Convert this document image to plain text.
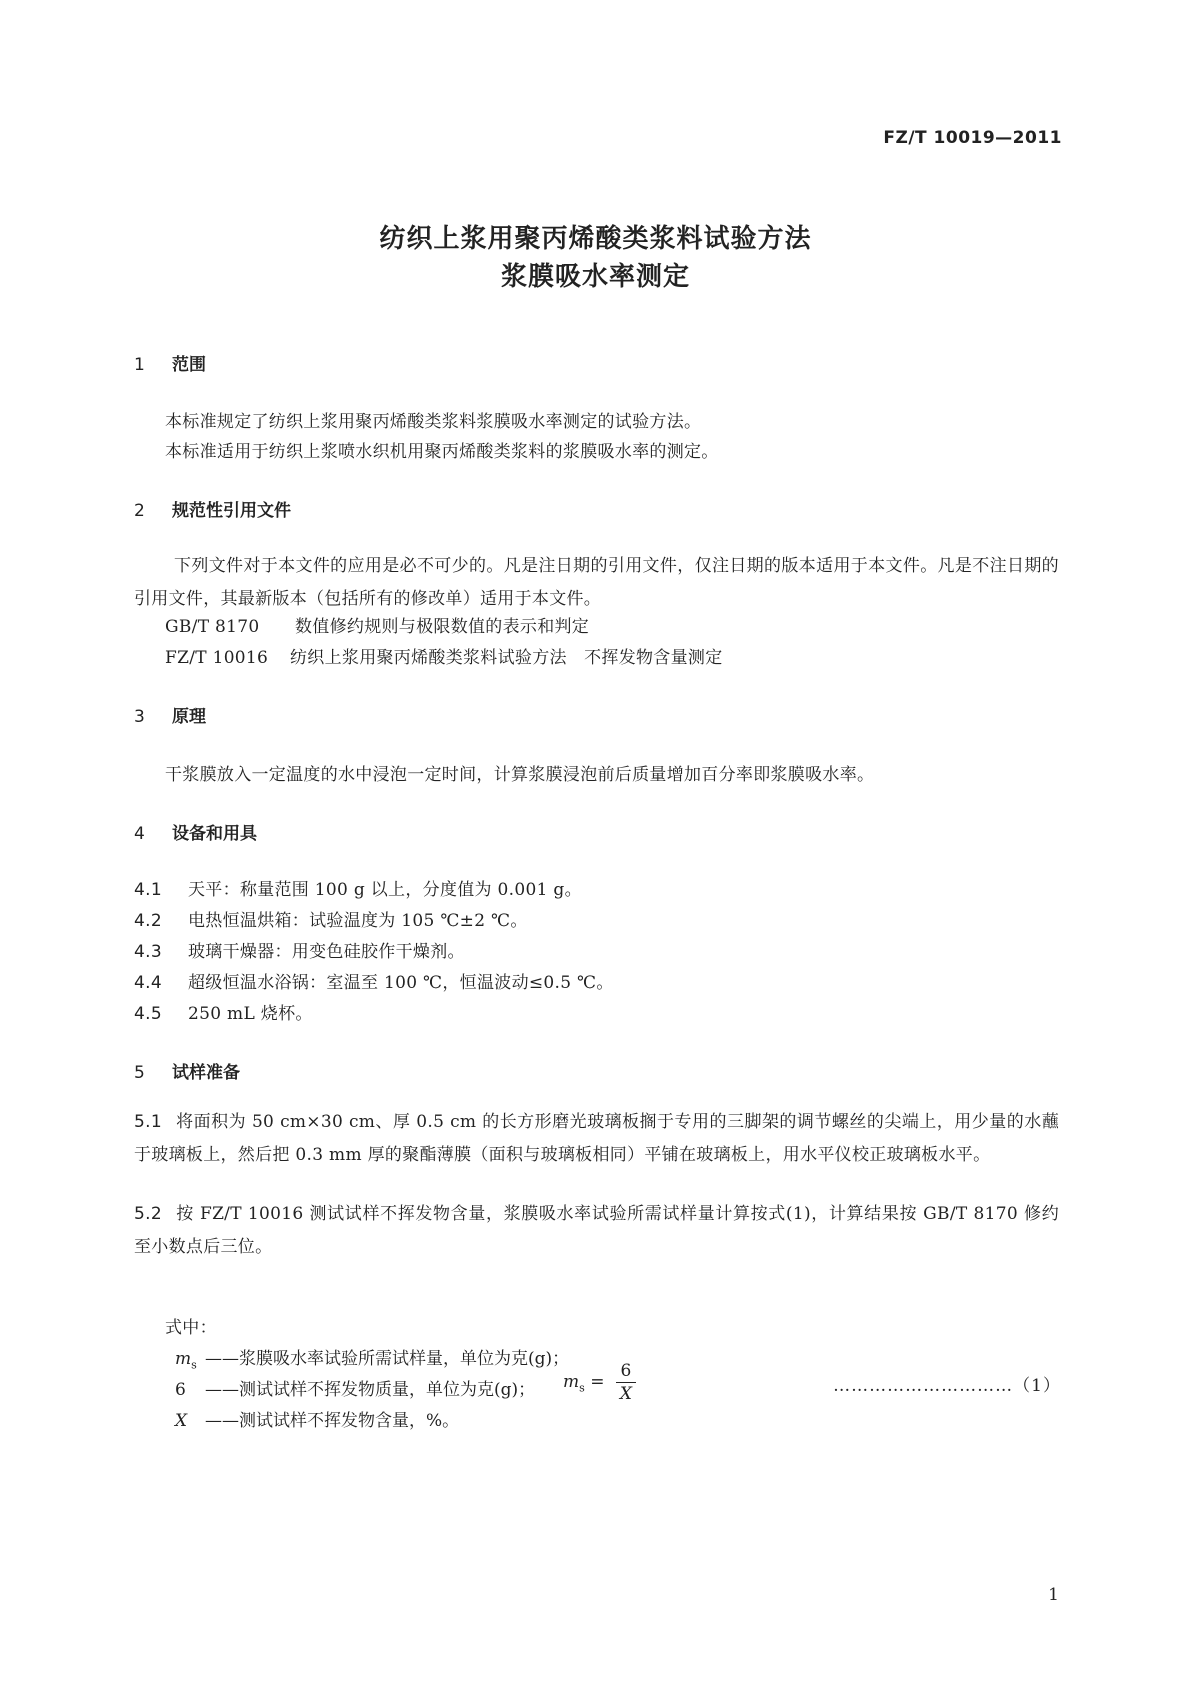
FZ/T 10019—2011
纺织上浆用聚丙烯酸类浆料试验方法
浆膜吸水率测定
1 范围
本标准规定了纺织上浆用聚丙烯酸类浆料浆膜吸水率测定的试验方法。
本标准适用于纺织上浆喷水织机用聚丙烯酸类浆料的浆膜吸水率的测定。
2 规范性引用文件
下列文件对于本文件的应用是必不可少的。凡是注日期的引用文件，仅注日期的版本适用于本文件。凡是不注日期的引用文件，其最新版本（包括所有的修改单）适用于本文件。
GB/T 8170 数值修约规则与极限数值的表示和判定
FZ/T 10016 纺织上浆用聚丙烯酸类浆料试验方法　不挥发物含量测定
3 原理
干浆膜放入一定温度的水中浸泡一定时间，计算浆膜浸泡前后质量增加百分率即浆膜吸水率。
4 设备和用具
4.1 天平：称量范围 100 g 以上，分度值为 0.001 g。
4.2 电热恒温烘箱：试验温度为 105 ℃±2 ℃。
4.3 玻璃干燥器：用变色硅胶作干燥剂。
4.4 超级恒温水浴锅：室温至 100 ℃，恒温波动≤0.5 ℃。
4.5 250 mL 烧杯。
5 试样准备
5.1 将面积为 50 cm×30 cm、厚 0.5 cm 的长方形磨光玻璃板搁于专用的三脚架的调节螺丝的尖端上，用少量的水蘸于玻璃板上，然后把 0.3 mm 厚的聚酯薄膜（面积与玻璃板相同）平铺在玻璃板上，用水平仪校正玻璃板水平。
5.2 按 FZ/T 10016 测试试样不挥发物含量，浆膜吸水率试验所需试样量计算按式(1)，计算结果按 GB/T 8170 修约至小数点后三位。
$m_s = \frac{6}{X}$	…………………………（1）
式中：
$m_s$ ——浆膜吸水率试验所需试样量，单位为克(g)；
6 ——测试试样不挥发物质量，单位为克(g)；
X ——测试试样不挥发物含量，%。
1
